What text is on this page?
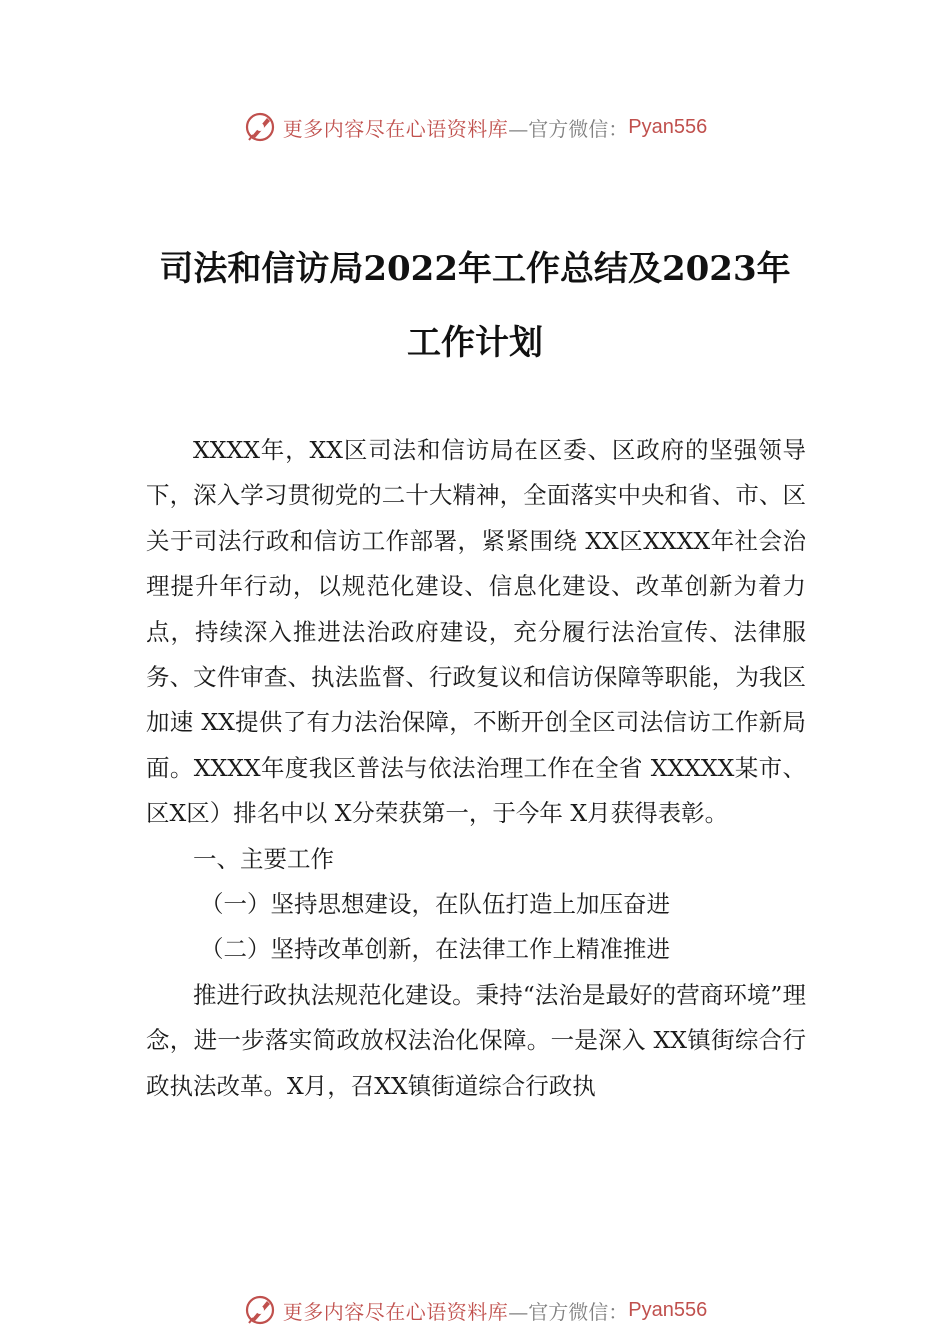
更多内容尽在心语资料库 —官方微信： Pyan556
司法和信访局2022年工作总结及2023年
工作计划

XXXX年，XX区司法和信访局在区委、区政府的坚强领导下，深入学习贯彻党的二十大精神，全面落实中央和省、市、区关于司法行政和信访工作部署，紧紧围绕 XX区XXXX年社会治理提升年行动，以规范化建设、信息化建设、改革创新为着力点，持续深入推进法治政府建设，充分履行法治宣传、法律服务、文件审查、执法监督、行政复议和信访保障等职能，为我区加速 XX提供了有力法治保障，不断开创全区司法信访工作新局面。XXXX年度我区普法与依法治理工作在全省 XXXXX某市、区X区）排名中以 X分荣获第一，于今年 X月获得表彰。

一、主要工作

（一）坚持思想建设，在队伍打造上加压奋进

（二）坚持改革创新，在法律工作上精准推进

推进行政执法规范化建设。秉持“法治是最好的营商环境”理念，进一步落实简政放权法治化保障。一是深入 XX镇街综合行政执法改革。X月，召XX镇街道综合行政执

更多内容尽在心语资料库 —官方微信： Pyan556
